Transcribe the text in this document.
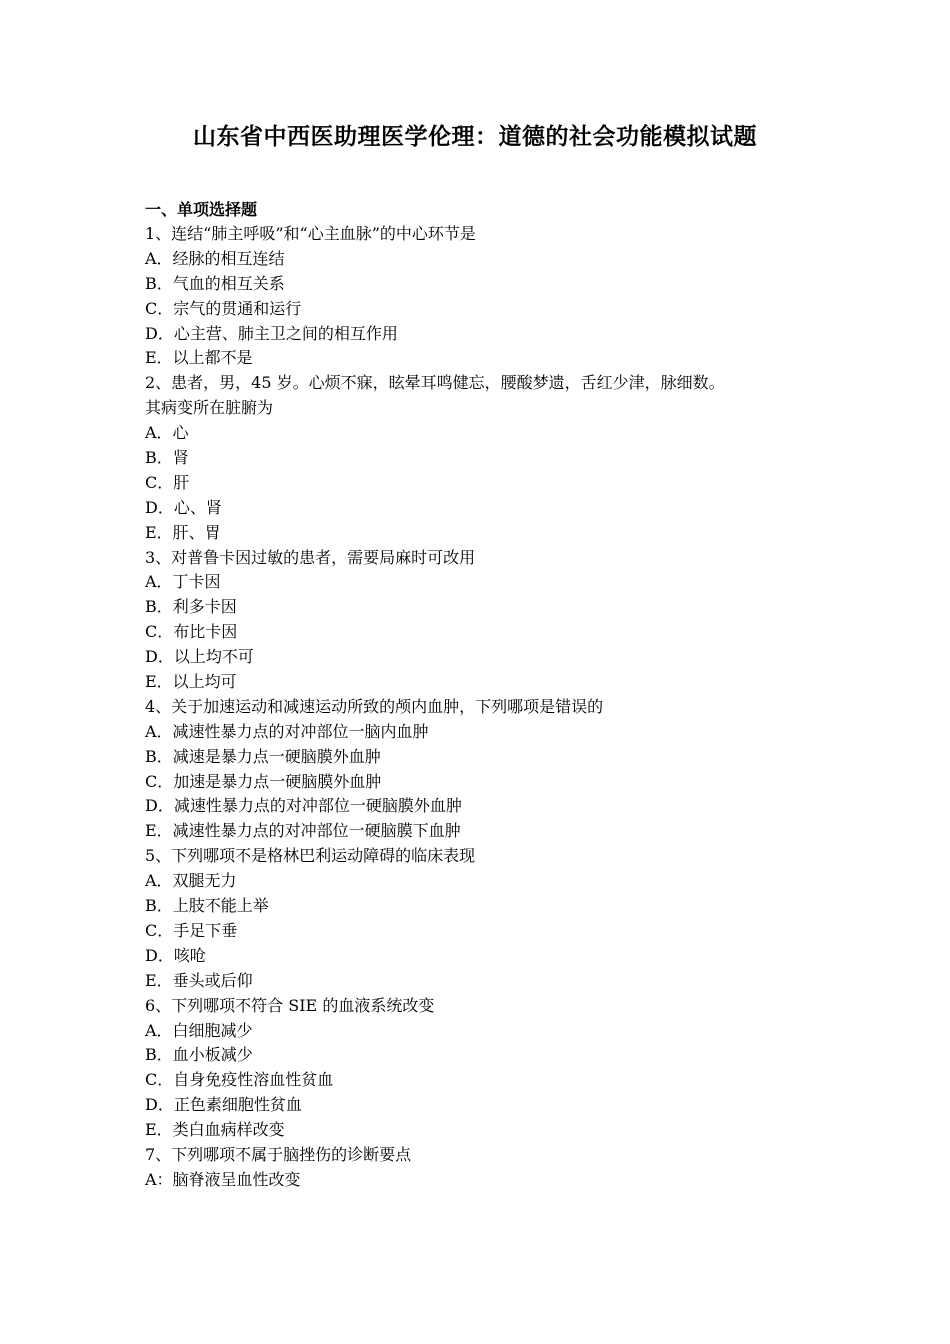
山东省中西医助理医学伦理：道德的社会功能模拟试题
一、单项选择题
1、连结“肺主呼吸”和“心主血脉”的中心环节是
A．经脉的相互连结
B．气血的相互关系
C．宗气的贯通和运行
D．心主营、肺主卫之间的相互作用
E．以上都不是
2、患者，男，45 岁。心烦不寐，眩晕耳鸣健忘，腰酸梦遗，舌红少津，脉细数。
其病变所在脏腑为
A．心
B．肾
C．肝
D．心、肾
E．肝、胃
3、对普鲁卡因过敏的患者，需要局麻时可改用
A．丁卡因
B．利多卡因
C．布比卡因
D．以上均不可
E．以上均可
4、关于加速运动和减速运动所致的颅内血肿，下列哪项是错误的
A．减速性暴力点的对冲部位一脑内血肿
B．减速是暴力点一硬脑膜外血肿
C．加速是暴力点一硬脑膜外血肿
D．减速性暴力点的对冲部位一硬脑膜外血肿
E．减速性暴力点的对冲部位一硬脑膜下血肿
5、下列哪项不是格林巴利运动障碍的临床表现
A．双腿无力
B．上肢不能上举
C．手足下垂
D．咳呛
E．垂头或后仰
6、下列哪项不符合 SIE 的血液系统改变
A．白细胞减少
B．血小板减少
C．自身免疫性溶血性贫血
D．正色素细胞性贫血
E．类白血病样改变
7、下列哪项不属于脑挫伤的诊断要点
A：脑脊液呈血性改变
